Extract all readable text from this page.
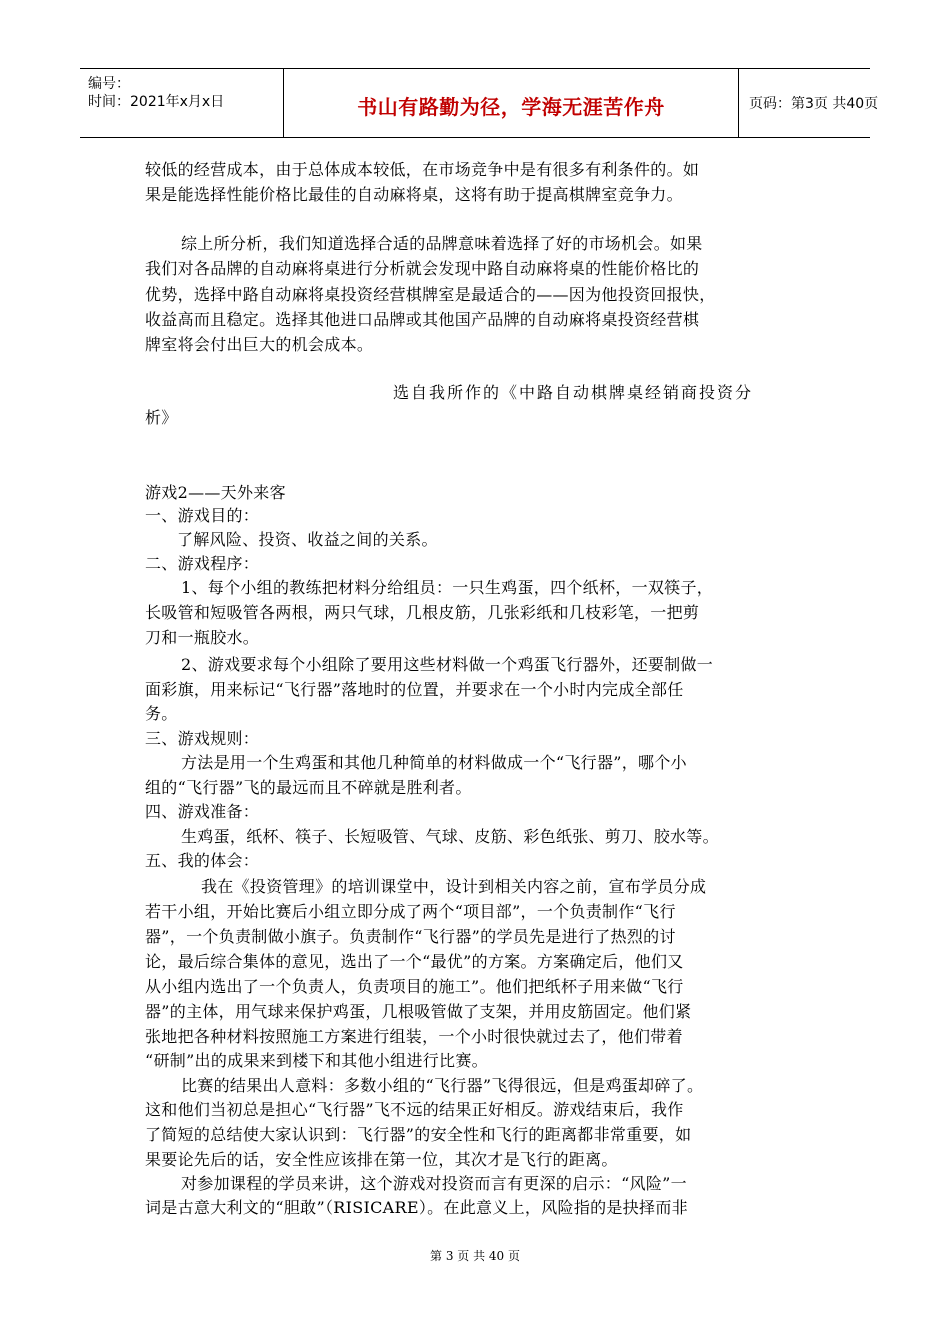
编号：
时间：2021年x月x日	书山有路勤为径，学海无涯苦作舟	页码：第3页 共40页
较低的经营成本，由于总体成本较低，在市场竞争中是有很多有利条件的。如
果是能选择性能价格比最佳的自动麻将桌，这将有助于提高棋牌室竞争力。
综上所分析，我们知道选择合适的品牌意味着选择了好的市场机会。如果
我们对各品牌的自动麻将桌进行分析就会发现中路自动麻将桌的性能价格比的
优势，选择中路自动麻将桌投资经营棋牌室是最适合的——因为他投资回报快，
收益高而且稳定。选择其他进口品牌或其他国产品牌的自动麻将桌投资经营棋
牌室将会付出巨大的机会成本。
选自我所作的《中路自动棋牌桌经销商投资分
析》
游戏2——天外来客
一、游戏目的：
了解风险、投资、收益之间的关系。
二、游戏程序：
1、每个小组的教练把材料分给组员：一只生鸡蛋，四个纸杯，一双筷子，
长吸管和短吸管各两根，两只气球，几根皮筋，几张彩纸和几枝彩笔，一把剪
刀和一瓶胶水。
2、游戏要求每个小组除了要用这些材料做一个鸡蛋飞行器外，还要制做一
面彩旗，用来标记“飞行器”落地时的位置，并要求在一个小时内完成全部任
务。
三、游戏规则：
方法是用一个生鸡蛋和其他几种简单的材料做成一个“飞行器”，哪个小
组的“飞行器”飞的最远而且不碎就是胜利者。
四、游戏准备：
生鸡蛋，纸杯、筷子、长短吸管、气球、皮筋、彩色纸张、剪刀、胶水等。
五、我的体会：
我在《投资管理》的培训课堂中，设计到相关内容之前，宣布学员分成
若干小组，开始比赛后小组立即分成了两个“项目部”，一个负责制作“飞行
器”，一个负责制做小旗子。负责制作“飞行器”的学员先是进行了热烈的讨
论，最后综合集体的意见，选出了一个“最优”的方案。方案确定后，他们又
从小组内选出了一个负责人，负责项目的施工”。他们把纸杯子用来做“飞行
器”的主体，用气球来保护鸡蛋，几根吸管做了支架，并用皮筋固定。他们紧
张地把各种材料按照施工方案进行组装，一个小时很快就过去了，他们带着
“研制”出的成果来到楼下和其他小组进行比赛。
比赛的结果出人意料：多数小组的“飞行器”飞得很远，但是鸡蛋却碎了。
这和他们当初总是担心“飞行器”飞不远的结果正好相反。游戏结束后，我作
了简短的总结使大家认识到：飞行器”的安全性和飞行的距离都非常重要，如
果要论先后的话，安全性应该排在第一位，其次才是飞行的距离。
对参加课程的学员来讲，这个游戏对投资而言有更深的启示：“风险”一
词是古意大利文的“胆敢”（RISICARE）。在此意义上，风险指的是抉择而非
第 3 页 共 40 页
